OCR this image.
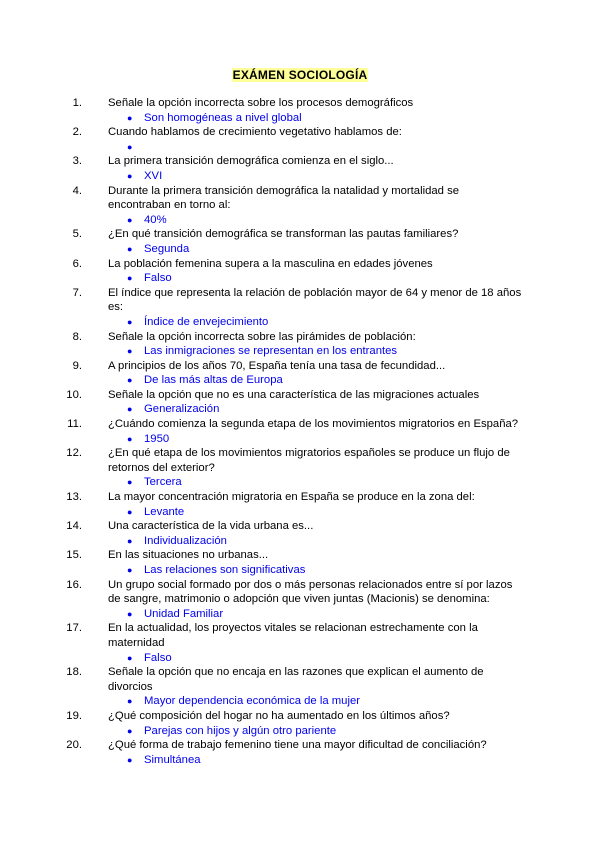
EXÁMEN SOCIOLOGÍA
1.	Señale la opción incorrecta sobre los procesos demográficos
● Son homogéneas a nivel global
2.	Cuando hablamos de crecimiento vegetativo hablamos de:
●
3.	La primera transición demográfica comienza en el siglo...
● XVI
4.	Durante la primera transición demográfica la natalidad y mortalidad se encontraban en torno al:
● 40%
5.	¿En qué transición demográfica se transforman las pautas familiares?
● Segunda
6.	La población femenina supera a la masculina en edades jóvenes
● Falso
7.	El índice que representa la relación de población mayor de 64 y menor de 18 años es:
● Índice de envejecimiento
8.	Señale la opción incorrecta sobre las pirámides de población:
● Las inmigraciones se representan en los entrantes
9.	A principios de los años 70, España tenía una tasa de fecundidad...
● De las más altas de Europa
10.	Señale la opción que no es una característica de las migraciones actuales
● Generalización
11.	¿Cuándo comienza la segunda etapa de los movimientos migratorios en España?
● 1950
12.	¿En qué etapa de los movimientos migratorios españoles se produce un flujo de retornos del exterior?
● Tercera
13.	La mayor concentración migratoria en España se produce en la zona del:
● Levante
14.	Una característica de la vida urbana es...
● Individualización
15.	En las situaciones no urbanas...
● Las relaciones son significativas
16.	Un grupo social formado por dos o más personas relacionados entre sí por lazos de sangre, matrimonio o adopción que viven juntas (Macionis) se denomina:
● Unidad Familiar
17.	En la actualidad, los proyectos vitales se relacionan estrechamente con la maternidad
● Falso
18.	Señale la opción que no encaja en las razones que explican el aumento de divorcios
● Mayor dependencia económica de la mujer
19.	¿Qué composición del hogar no ha aumentado en los últimos años?
● Parejas con hijos y algún otro pariente
20.	¿Qué forma de trabajo femenino tiene una mayor dificultad de conciliación?
● Simultánea
